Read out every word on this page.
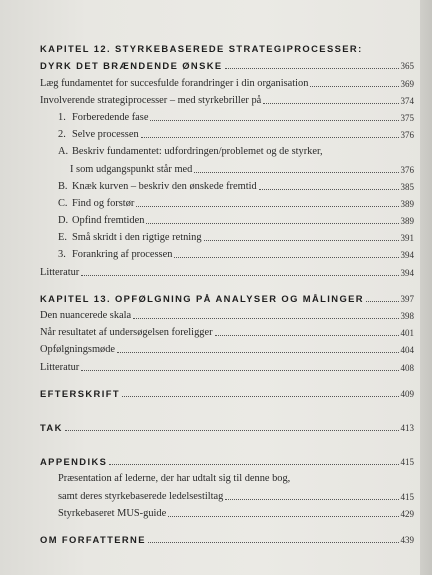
KAPITEL 12. STYRKEBASEREDE STRATEGIPROCESSER:
DYRK DET BRÆNDENDE ØNSKE	365
Læg fundamentet for succesfulde forandringer i din organisation	369
Involverende strategiprocesser – med styrkebriller på	374
1. Forberedende fase	375
2. Selve processen	376
A. Beskriv fundamentet: udfordringen/problemet og de styrker,
I som udgangspunkt står med	376
B. Knæk kurven – beskriv den ønskede fremtid	385
C. Find og forstør	389
D. Opfind fremtiden	389
E. Små skridt i den rigtige retning	391
3. Forankring af processen	394
Litteratur	394
KAPITEL 13. OPFØLGNING PÅ ANALYSER OG MÅLINGER	397
Den nuancerede skala	398
Når resultatet af undersøgelsen foreligger	401
Opfølgningsmøde	404
Litteratur	408
EFTERSKRIFT	409
TAK	413
APPENDIKS	415
Præsentation af lederne, der har udtalt sig til denne bog,
samt deres styrkebaserede ledelsestiltag	415
Styrkebaseret MUS-guide	429
OM FORFATTERNE	439
